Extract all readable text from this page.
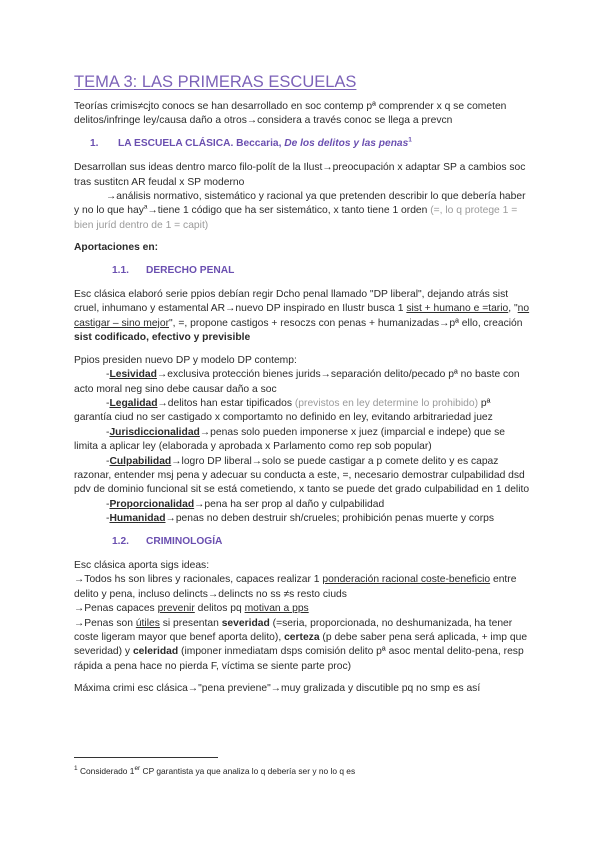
TEMA 3: LAS PRIMERAS ESCUELAS

Teorías crimis≠cjto conocs se han desarrollado en soc contemp pª comprender x q se cometen delitos/infringe ley/causa daño a otros→considera a través conoc se llega a prevcn

1. LA ESCUELA CLÁSICA. Beccaria, De los delitos y las penas$^1$

Desarrollan sus ideas dentro marco filo-polít de la Ilust→preocupación x adaptar SP a cambios soc tras sustitcn AR feudal x SP moderno

→análisis normativo, sistemático y racional ya que pretenden describir lo que debería haber y no lo que hay$^a$→tiene 1 código que ha ser sistemático, x tanto tiene 1 orden (=, lo q protege 1 = bien juríd dentro de 1 = capit)

Aportaciones en:

1.1. DERECHO PENAL

Esc clásica elaboró serie ppios debían regir Dcho penal llamado "DP liberal", dejando atrás sist cruel, inhumano y estamental AR→nuevo DP inspirado en Ilustr busca 1 sist + humano e =tario, "no castigar – sino mejor", =, propone castigos + resoczs con penas + humanizadas→pª ello, creación sist codificado, efectivo y previsible

Ppios presiden nuevo DP y modelo DP contemp:

-Lesividad→exclusiva protección bienes jurids→separación delito/pecado pª no baste con acto moral neg sino debe causar daño a soc

-Legalidad→delitos han estar tipificados (previstos en ley determine lo prohibido) pª garantía ciud no ser castigado x comportamto no definido en ley, evitando arbitrariedad juez

-Jurisdiccionalidad→penas solo pueden imponerse x juez (imparcial e indepe) que se limita a aplicar ley (elaborada y aprobada x Parlamento como rep sob popular)

-Culpabilidad→logro DP liberal→solo se puede castigar a p comete delito y es capaz razonar, entender msj pena y adecuar su conducta a este, =, necesario demostrar culpabilidad dsd pdv de dominio funcional sit se está cometiendo, x tanto se puede det grado culpabilidad en 1 delito

-Proporcionalidad→pena ha ser prop al daño y culpabilidad

-Humanidad→penas no deben destruir sh/crueles; prohibición penas muerte y corps

1.2. CRIMINOLOGÍA

Esc clásica aporta sigs ideas:

→Todos hs son libres y racionales, capaces realizar 1 ponderación racional coste-beneficio entre delito y pena, incluso delincts→delincts no ss ≠s resto ciuds

→Penas capaces prevenir delitos pq motivan a pps

→Penas son útiles si presentan severidad (=seria, proporcionada, no deshumanizada, ha tener coste ligeram mayor que benef aporta delito), certeza (p debe saber pena será aplicada, + imp que severidad) y celeridad (imponer inmediatam dsps comisión delito pª asoc mental delito-pena, resp rápida a pena hace no pierda F, víctima se siente parte proc)

Máxima crimi esc clásica→"pena previene"→muy gralizada y discutible pq no smp es así

$^1$ Considerado 1er CP garantista ya que analiza lo q debería ser y no lo q es
